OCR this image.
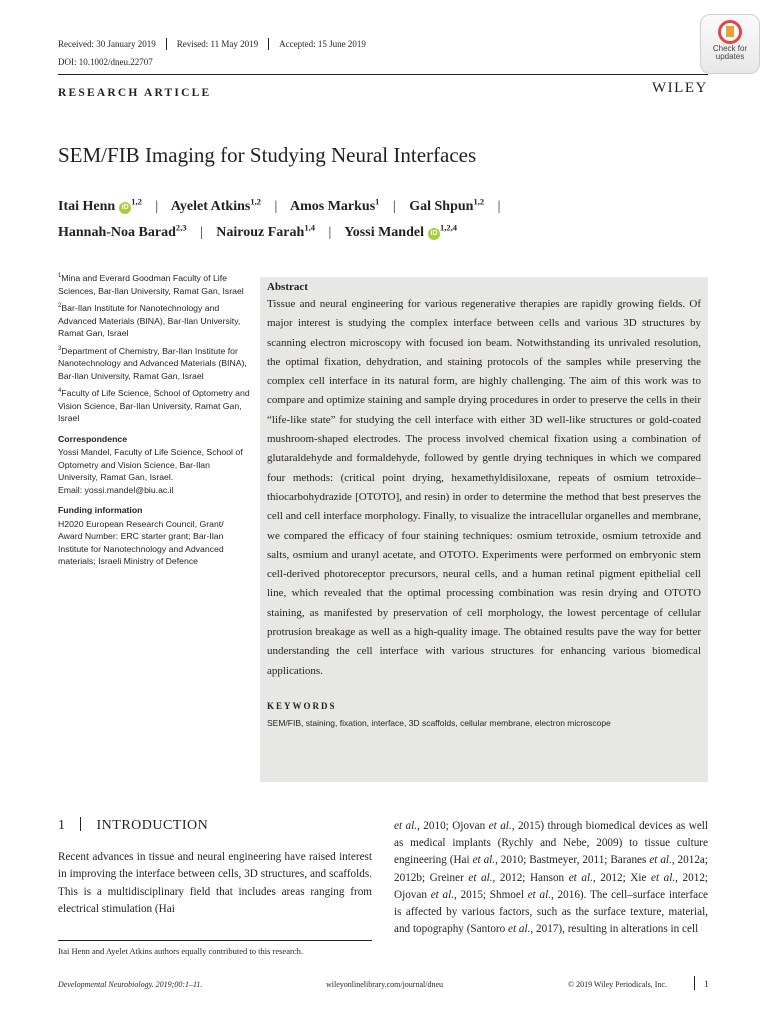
Received: 30 January 2019 Revised: 11 May 2019 Accepted: 15 June 2019
DOI: 10.1002/dneu.22707
Check for
updates
WILEY
RESEARCH ARTICLE
SEM/FIB Imaging for Studying Neural Interfaces
Itai Henn iD$^{1,2}$ | Ayelet Atkins$^{1,2}$ | Amos Markus$^1$ | Gal Shpun$^{1,2}$ |
Hannah-Noa Barad$^{2,3}$ | Nairouz Farah$^{1,4}$ | Yossi Mandel iD$^{1,2,4}$
$^1$Mina and Everard Goodman Faculty of Life Sciences, Bar-Ilan University, Ramat Gan, Israel
$^2$Bar-Ilan Institute for Nanotechnology and Advanced Materials (BINA), Bar-Ilan University, Ramat Gan, Israel
$^3$Department of Chemistry, Bar-Ilan Institute for Nanotechnology and Advanced Materials (BINA), Bar-Ilan University, Ramat Gan, Israel
$^4$Faculty of Life Science, School of Optometry and Vision Science, Bar-Ilan University, Ramat Gan, Israel
Correspondence

Yossi Mandel, Faculty of Life Science, School of Optometry and Vision Science, Bar-Ilan University, Ramat Gan, Israel.

Email: yossi.mandel@biu.ac.il

Funding information

H2020 European Research Council, Grant/ Award Number: ERC starter grant; Bar-Ilan Institute for Nanotechnology and Advanced materials; Israeli Ministry of Defence

Abstract
Tissue and neural engineering for various regenerative therapies are rapidly growing fields. Of major interest is studying the complex interface between cells and various 3D structures by scanning electron microscopy with focused ion beam. Notwithstanding its unrivaled resolution, the optimal fixation, dehydration, and staining protocols of the samples while preserving the complex cell interface in its natural form, are highly challenging. The aim of this work was to compare and optimize staining and sample drying procedures in order to preserve the cells in their “life-like state” for studying the cell interface with either 3D well-like structures or gold-coated mushroom-shaped electrodes. The process involved chemical fixation using a combination of glutaraldehyde and formaldehyde, followed by gentle drying techniques in which we compared four methods: (critical point drying, hexamethyldisiloxane, repeats of osmium tetroxide–thiocarbohydrazide [OTOTO], and resin) in order to determine the method that best preserves the cell and cell interface morphology. Finally, to visualize the intracellular organelles and membrane, we compared the efficacy of four staining techniques: osmium tetroxide, osmium tetroxide and salts, osmium and uranyl acetate, and OTOTO. Experiments were performed on embryonic stem cell-derived photoreceptor precursors, neural cells, and a human retinal pigment epithelial cell line, which revealed that the optimal processing combination was resin drying and OTOTO staining, as manifested by preservation of cell morphology, the lowest percentage of cellular protrusion breakage as well as a high-quality image. The obtained results pave the way for better understanding the cell interface with various structures for enhancing various biomedical applications.
KEYWORDS
SEM/FIB, staining, fixation, interface, 3D scaffolds, cellular membrane, electron microscope
1 INTRODUCTION
Recent advances in tissue and neural engineering have raised interest in improving the interface between cells, 3D structures, and scaffolds. This is a multidisciplinary field that includes areas ranging from electrical stimulation (Hai
et al., 2010; Ojovan et al., 2015) through biomedical devices as well as medical implants (Rychly and Nebe, 2009) to tissue culture engineering (Hai et al., 2010; Bastmeyer, 2011; Baranes et al., 2012a; 2012b; Greiner et al., 2012; Hanson et al., 2012; Xie et al., 2012; Ojovan et al., 2015; Shmoel et al., 2016). The cell–surface interface is affected by various factors, such as the surface texture, material, and topography (Santoro et al., 2017), resulting in alterations in cell
Itai Henn and Ayelet Atkins authors equally contributed to this research.
Developmental Neurobiology. 2019;00:1–11.	wileyonlinelibrary.com/journal/dneu	© 2019 Wiley Periodicals, Inc.	1
